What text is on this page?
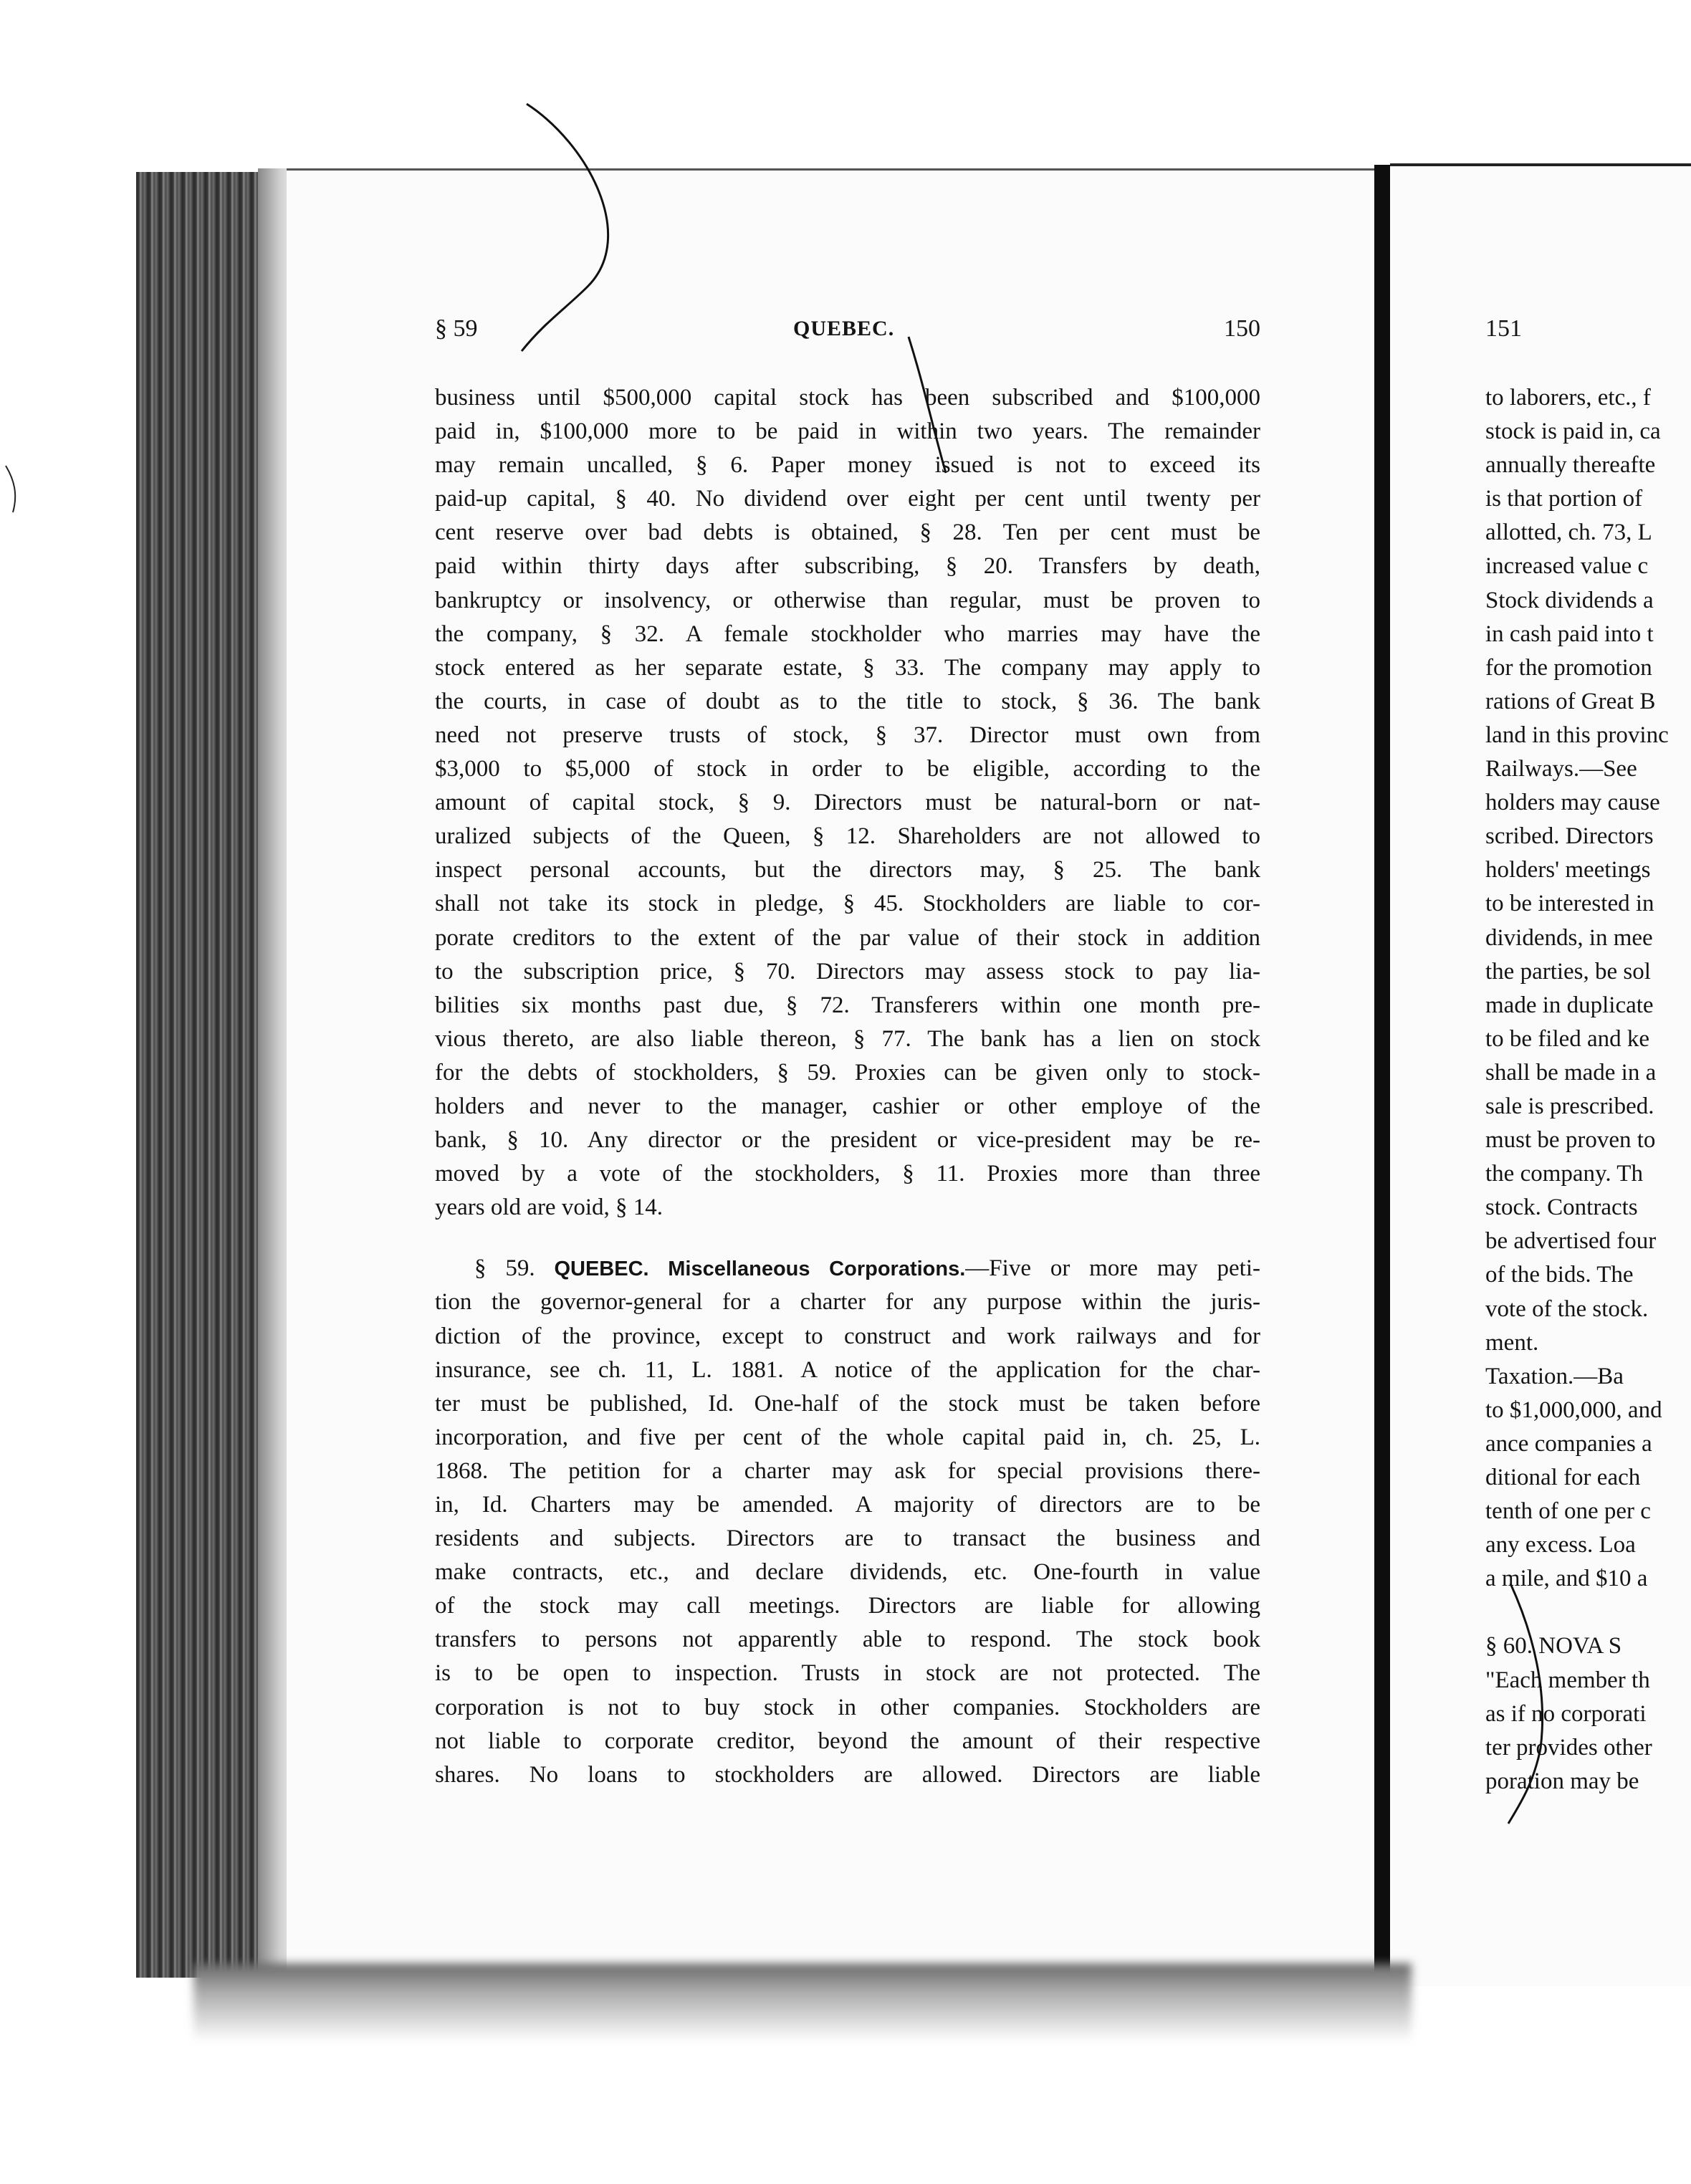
§ 59	QUEBEC.	150
business until $500,000 capital stock has been subscribed and $100,000
paid in, $100,000 more to be paid in within two years. The remainder
may remain uncalled, § 6. Paper money issued is not to exceed its
paid-up capital, § 40. No dividend over eight per cent until twenty per
cent reserve over bad debts is obtained, § 28. Ten per cent must be
paid within thirty days after subscribing, § 20. Transfers by death,
bankruptcy or insolvency, or otherwise than regular, must be proven to
the company, § 32. A female stockholder who marries may have the
stock entered as her separate estate, § 33. The company may apply to
the courts, in case of doubt as to the title to stock, § 36. The bank
need not preserve trusts of stock, § 37. Director must own from
$3,000 to $5,000 of stock in order to be eligible, according to the
amount of capital stock, § 9. Directors must be natural-born or nat-
uralized subjects of the Queen, § 12. Shareholders are not allowed to
inspect personal accounts, but the directors may, § 25. The bank
shall not take its stock in pledge, § 45. Stockholders are liable to cor-
porate creditors to the extent of the par value of their stock in addition
to the subscription price, § 70. Directors may assess stock to pay lia-
bilities six months past due, § 72. Transferers within one month pre-
vious thereto, are also liable thereon, § 77. The bank has a lien on stock
for the debts of stockholders, § 59. Proxies can be given only to stock-
holders and never to the manager, cashier or other employe of the
bank, § 10. Any director or the president or vice-president may be re-
moved by a vote of the stockholders, § 11. Proxies more than three
years old are void, § 14.
§ 59. QUEBEC. Miscellaneous Corporations.—Five or more may peti-
tion the governor-general for a charter for any purpose within the juris-
diction of the province, except to construct and work railways and for
insurance, see ch. 11, L. 1881. A notice of the application for the char-
ter must be published, Id. One-half of the stock must be taken before
incorporation, and five per cent of the whole capital paid in, ch. 25, L.
1868. The petition for a charter may ask for special provisions there-
in, Id. Charters may be amended. A majority of directors are to be
residents and subjects. Directors are to transact the business and
make contracts, etc., and declare dividends, etc. One-fourth in value
of the stock may call meetings. Directors are liable for allowing
transfers to persons not apparently able to respond. The stock book
is to be open to inspection. Trusts in stock are not protected. The
corporation is not to buy stock in other companies. Stockholders are
not liable to corporate creditor, beyond the amount of their respective
shares. No loans to stockholders are allowed. Directors are liable
151
to laborers, etc., f
stock is paid in, ca
annually thereafte
is that portion of
allotted, ch. 73, L
increased value c
Stock dividends a
in cash paid into t
for the promotion
rations of Great B
land in this provinc
Railways.—See
holders may cause
scribed. Directors
holders' meetings
to be interested in
dividends, in mee
the parties, be sol
made in duplicate
to be filed and ke
shall be made in a
sale is prescribed.
must be proven to
the company. Th
stock. Contracts
be advertised four
of the bids. The
vote of the stock.
ment.
Taxation.—Ba
to $1,000,000, and
ance companies a
ditional for each
tenth of one per c
any excess. Loa
a mile, and $10 a

§ 60. NOVA S
"Each member th
as if no corporati
ter provides other
poration may be
